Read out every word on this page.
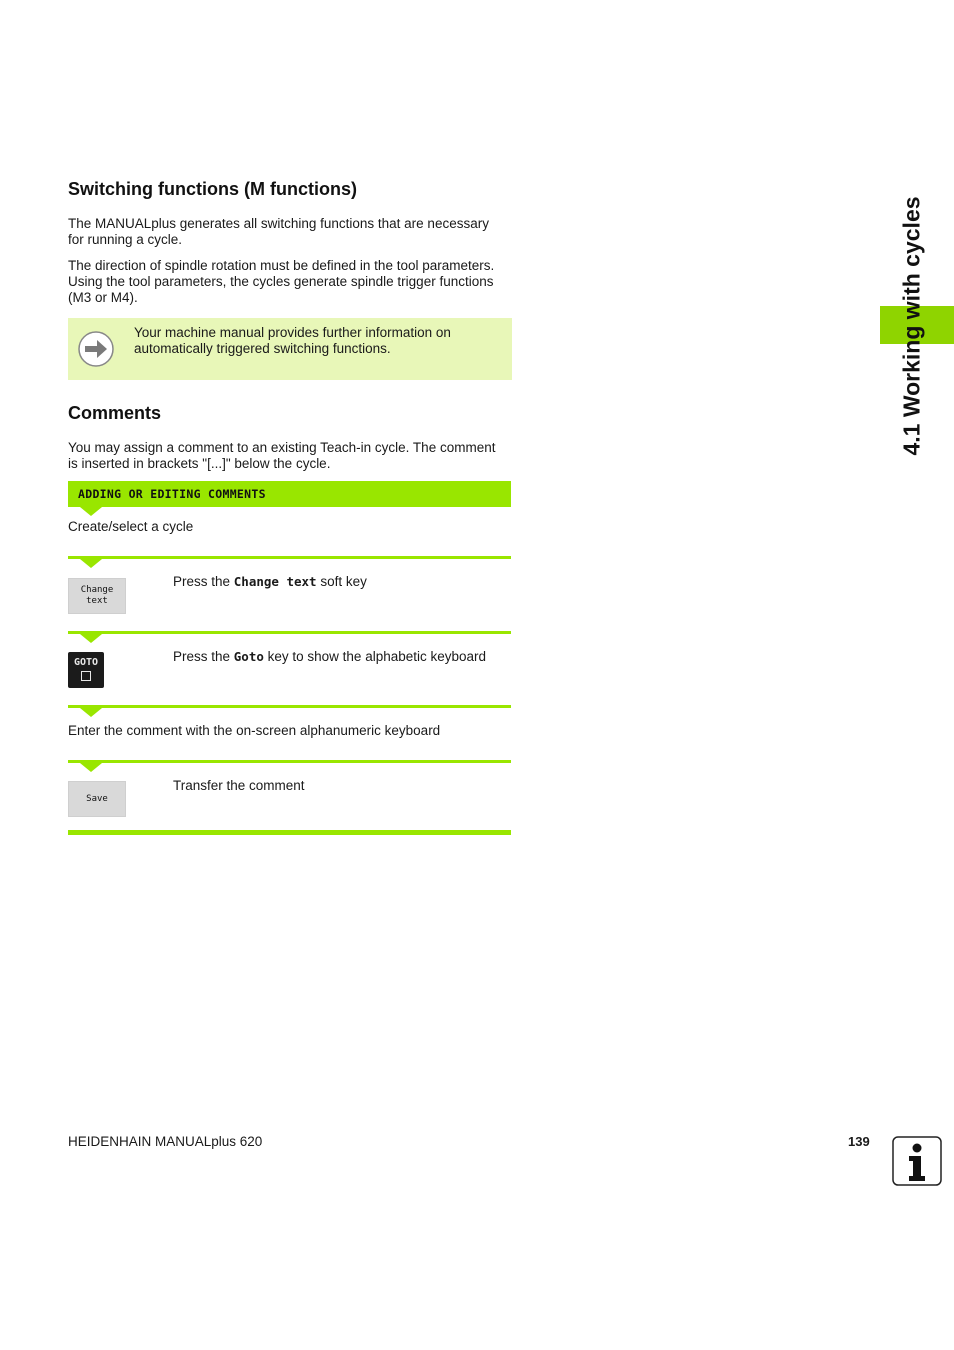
4.1 Working with cycles
Switching functions (M functions)

The MANUALplus generates all switching functions that are necessary for running a cycle.

The direction of spindle rotation must be defined in the tool parameters. Using the tool parameters, the cycles generate spindle trigger functions (M3 or M4).

Your machine manual provides further information on automatically triggered switching functions.
Comments

You may assign a comment to an existing Teach-in cycle. The comment is inserted in brackets "[...]" below the cycle.

ADDING OR EDITING COMMENTS

Create/select a cycle

Change
text
Press the Change text soft key
GOTO	Press the Goto key to show the alphabetic keyboard

Enter the comment with the on-screen alphanumeric keyboard

Save
Transfer the comment
HEIDENHAIN MANUALplus 620	139
